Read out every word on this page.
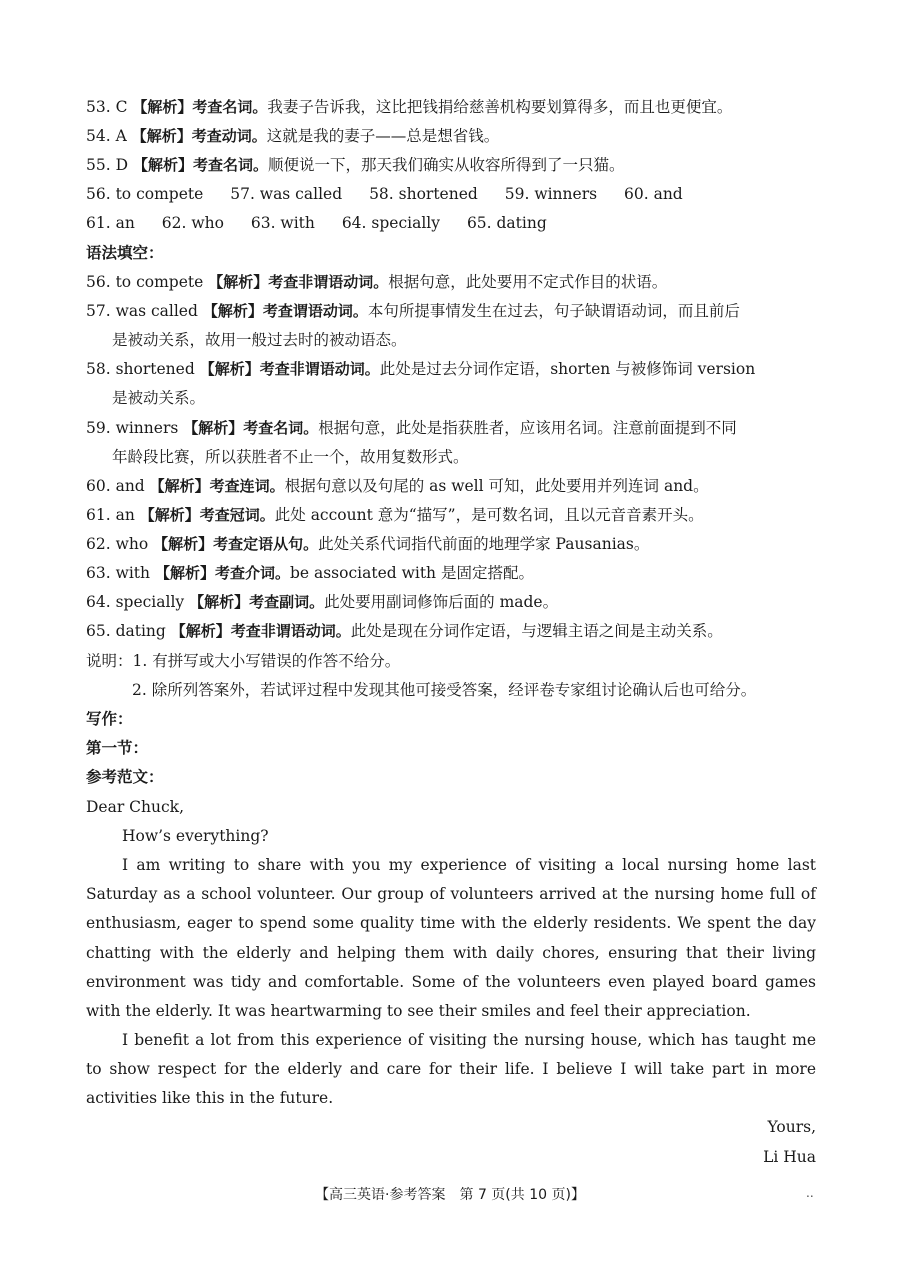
53. C 【解析】考查名词。我妻子告诉我，这比把钱捐给慈善机构要划算得多，而且也更便宜。
54. A 【解析】考查动词。这就是我的妻子——总是想省钱。
55. D 【解析】考查名词。顺便说一下，那天我们确实从收容所得到了一只猫。
56. to compete 57. was called 58. shortened 59. winners 60. and
61. an 62. who 63. with 64. specially 65. dating
语法填空：
56. to compete 【解析】考查非谓语动词。根据句意，此处要用不定式作目的状语。
57. was called 【解析】考查谓语动词。本句所提事情发生在过去，句子缺谓语动词，而且前后
是被动关系，故用一般过去时的被动语态。
58. shortened 【解析】考查非谓语动词。此处是过去分词作定语，shorten 与被修饰词 version
是被动关系。
59. winners 【解析】考查名词。根据句意，此处是指获胜者，应该用名词。注意前面提到不同
年龄段比赛，所以获胜者不止一个，故用复数形式。
60. and 【解析】考查连词。根据句意以及句尾的 as well 可知，此处要用并列连词 and。
61. an 【解析】考查冠词。此处 account 意为“描写”，是可数名词，且以元音音素开头。
62. who 【解析】考查定语从句。此处关系代词指代前面的地理学家 Pausanias。
63. with 【解析】考查介词。be associated with 是固定搭配。
64. specially 【解析】考查副词。此处要用副词修饰后面的 made。
65. dating 【解析】考查非谓语动词。此处是现在分词作定语，与逻辑主语之间是主动关系。
说明：1. 有拼写或大小写错误的作答不给分。
2. 除所列答案外，若试评过程中发现其他可接受答案，经评卷专家组讨论确认后也可给分。
写作：
第一节：
参考范文：
Dear Chuck,
How’s everything?
I am writing to share with you my experience of visiting a local nursing home last Saturday as a school volunteer. Our group of volunteers arrived at the nursing home full of enthusiasm, eager to spend some quality time with the elderly residents. We spent the day chatting with the elderly and helping them with daily chores, ensuring that their living environment was tidy and comfortable. Some of the volunteers even played board games with the elderly. It was heartwarming to see their smiles and feel their appreciation.
I benefit a lot from this experience of visiting the nursing house, which has taught me to show respect for the elderly and care for their life. I believe I will take part in more activities like this in the future.
Yours,
Li Hua
【高三英语·参考答案　第 7 页(共 10 页)】	..
